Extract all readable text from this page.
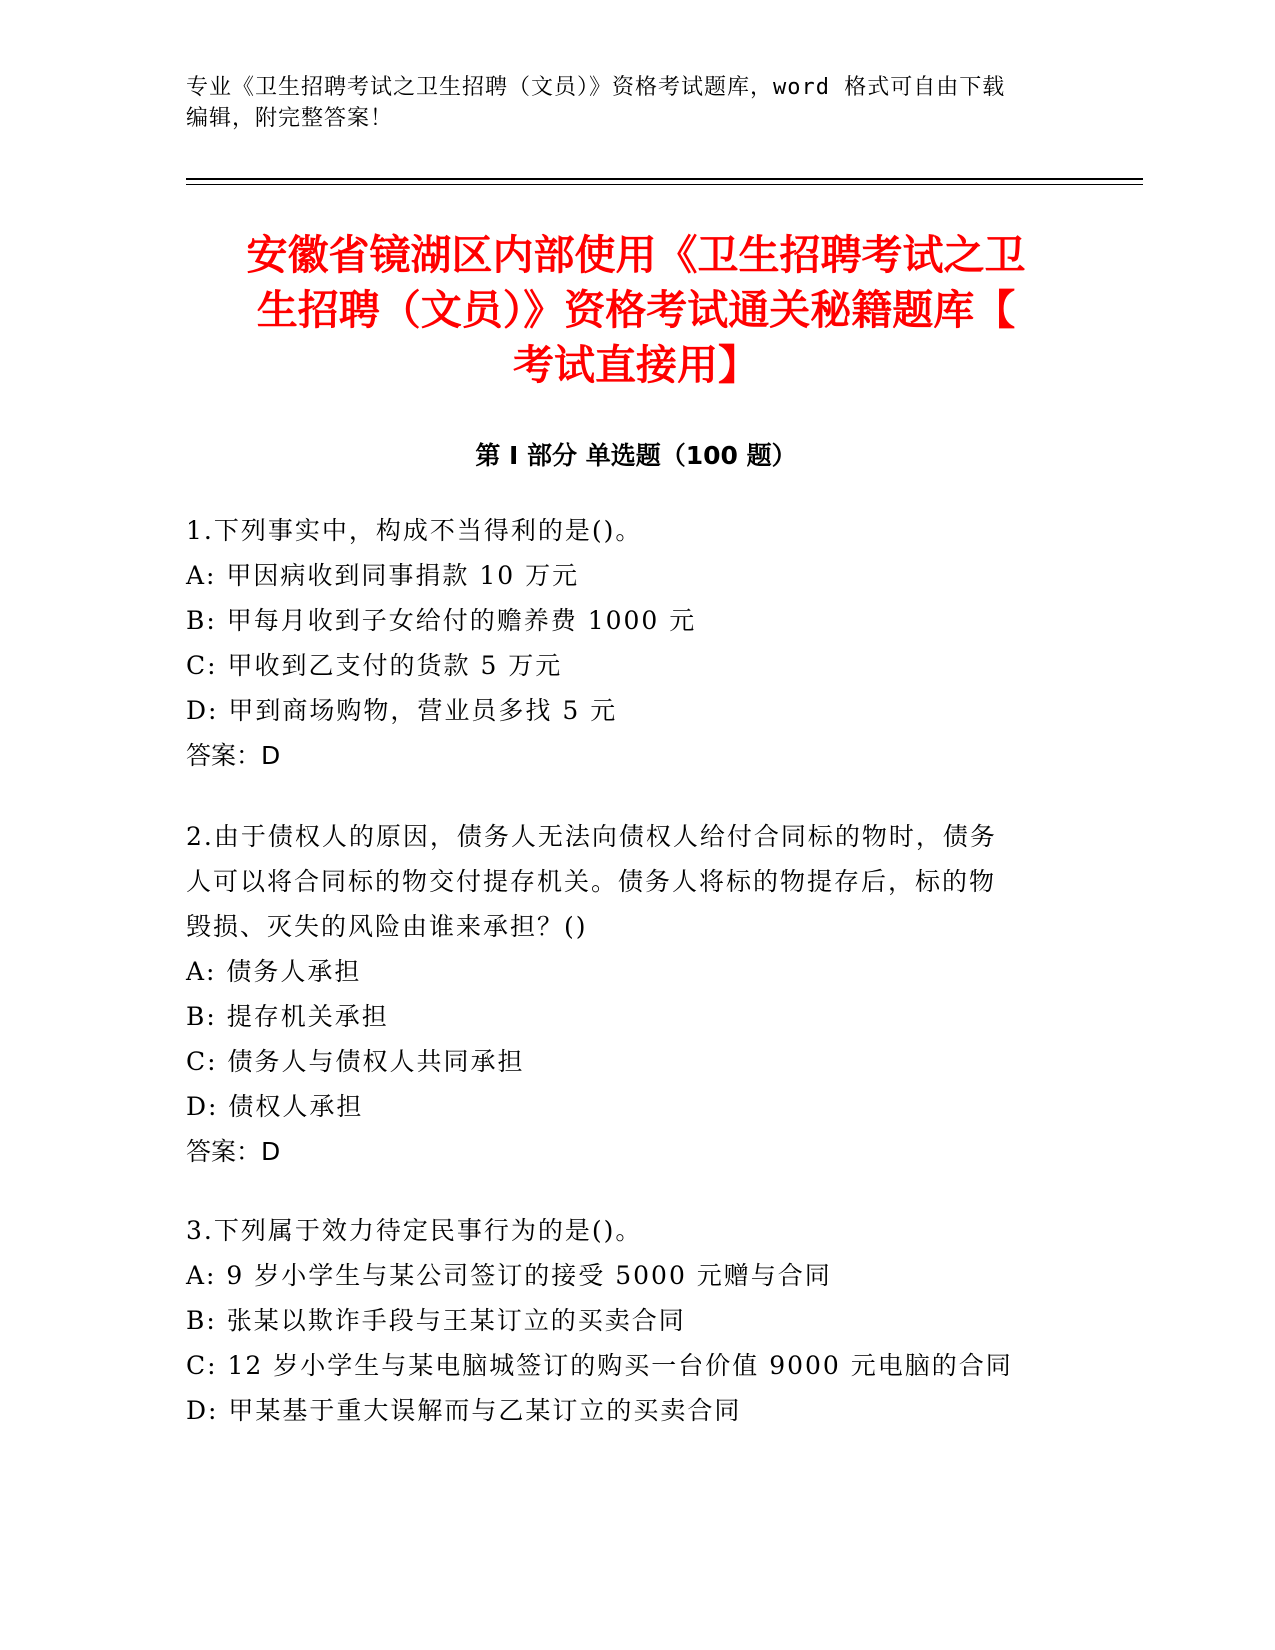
专业《卫生招聘考试之卫生招聘（文员）》资格考试题库，word 格式可自由下载
编辑，附完整答案！
安徽省镜湖区内部使用《卫生招聘考试之卫
生招聘（文员）》资格考试通关秘籍题库【
考试直接用】
第 I 部分 单选题（100 题）
1.下列事实中，构成不当得利的是()。
A: 甲因病收到同事捐款 10 万元
B: 甲每月收到子女给付的赡养费 1000 元
C: 甲收到乙支付的货款 5 万元
D: 甲到商场购物，营业员多找 5 元
答案：D
2.由于债权人的原因，债务人无法向债权人给付合同标的物时，债务
人可以将合同标的物交付提存机关。债务人将标的物提存后，标的物
毁损、灭失的风险由谁来承担？()
A: 债务人承担
B: 提存机关承担
C: 债务人与债权人共同承担
D: 债权人承担
答案：D
3.下列属于效力待定民事行为的是()。
A: 9 岁小学生与某公司签订的接受 5000 元赠与合同
B: 张某以欺诈手段与王某订立的买卖合同
C: 12 岁小学生与某电脑城签订的购买一台价值 9000 元电脑的合同
D: 甲某基于重大误解而与乙某订立的买卖合同
